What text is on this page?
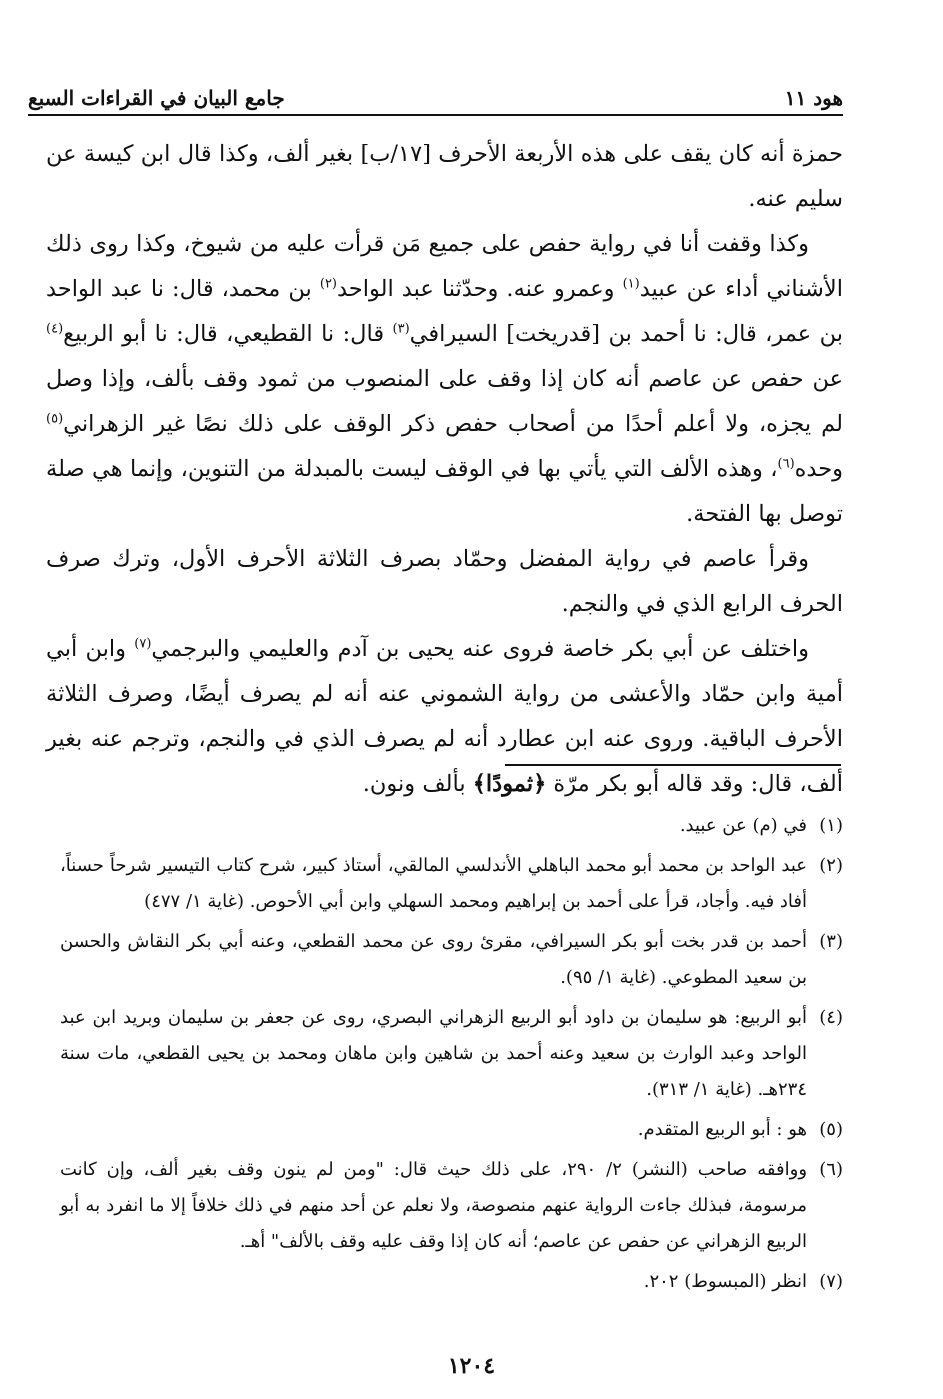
هود ١١
جامع البيان في القراءات السبع

حمزة أنه كان يقف على هذه الأربعة الأحرف [١٧/ب] بغير ألف، وكذا قال ابن كيسة عن سليم عنه.

وكذا وقفت أنا في رواية حفص على جميع مَن قرأت عليه من شيوخ، وكذا روى ذلك الأشناني أداء عن عبيد$^{(١)}$ وعمرو عنه. وحدّثنا عبد الواحد$^{(٢)}$ بن محمد، قال: نا عبد الواحد بن عمر، قال: نا أحمد بن [قدريخت] السيرافي$^{(٣)}$ قال: نا القطيعي، قال: نا أبو الربيع$^{(٤)}$ عن حفص عن عاصم أنه كان إذا وقف على المنصوب من ثمود وقف بألف، وإذا وصل لم يجزه، ولا أعلم أحدًا من أصحاب حفص ذكر الوقف على ذلك نصًا غير الزهراني$^{(٥)}$ وحده$^{(٦)}$، وهذه الألف التي يأتي بها في الوقف ليست بالمبدلة من التنوين، وإنما هي صلة توصل بها الفتحة.

وقرأ عاصم في رواية المفضل وحمّاد بصرف الثلاثة الأحرف الأول، وترك صرف الحرف الرابع الذي في والنجم.

واختلف عن أبي بكر خاصة فروى عنه يحيى بن آدم والعليمي والبرجمي$^{(٧)}$ وابن أبي أمية وابن حمّاد والأعشى من رواية الشموني عنه أنه لم يصرف أيضًا، وصرف الثلاثة الأحرف الباقية. وروى عنه ابن عطارد أنه لم يصرف الذي في والنجم، وترجم عنه بغير ألف، قال: وقد قاله أبو بكر مرّة ﴿ثمودًا﴾ بألف ونون.

(١)
في (م) عن عبيد.
(٢)
عبد الواحد بن محمد أبو محمد الباهلي الأندلسي المالقي، أستاذ كبير، شرح كتاب التيسير شرحاً حسناً، أفاد فيه. وأجاد، قرأ على أحمد بن إبراهيم ومحمد السهلي وابن أبي الأحوص. (غاية ١/ ٤٧٧)
(٣)
أحمد بن قدر بخت أبو بكر السيرافي، مقرئ روى عن محمد القطعي، وعنه أبي بكر النقاش والحسن بن سعيد المطوعي. (غاية ١/ ٩٥).
(٤)
أبو الربيع: هو سليمان بن داود أبو الربيع الزهراني البصري، روى عن جعفر بن سليمان وبريد ابن عبد الواحد وعبد الوارث بن سعيد وعنه أحمد بن شاهين وابن ماهان ومحمد بن يحيى القطعي، مات سنة ٢٣٤هـ. (غاية ١/ ٣١٣).
(٥)
هو : أبو الربيع المتقدم.
(٦)
ووافقه صاحب (النشر) ٢/ ٢٩٠، على ذلك حيث قال: "ومن لم ينون وقف بغير ألف، وإن كانت مرسومة، فبذلك جاءت الرواية عنهم منصوصة، ولا نعلم عن أحد منهم في ذلك خلافاً إلا ما انفرد به أبو الربيع الزهراني عن حفص عن عاصم؛ أنه كان إذا وقف عليه وقف بالألف" أهـ.
(٧)
انظر (المبسوط) ٢٠٢.
١٢٠٤
